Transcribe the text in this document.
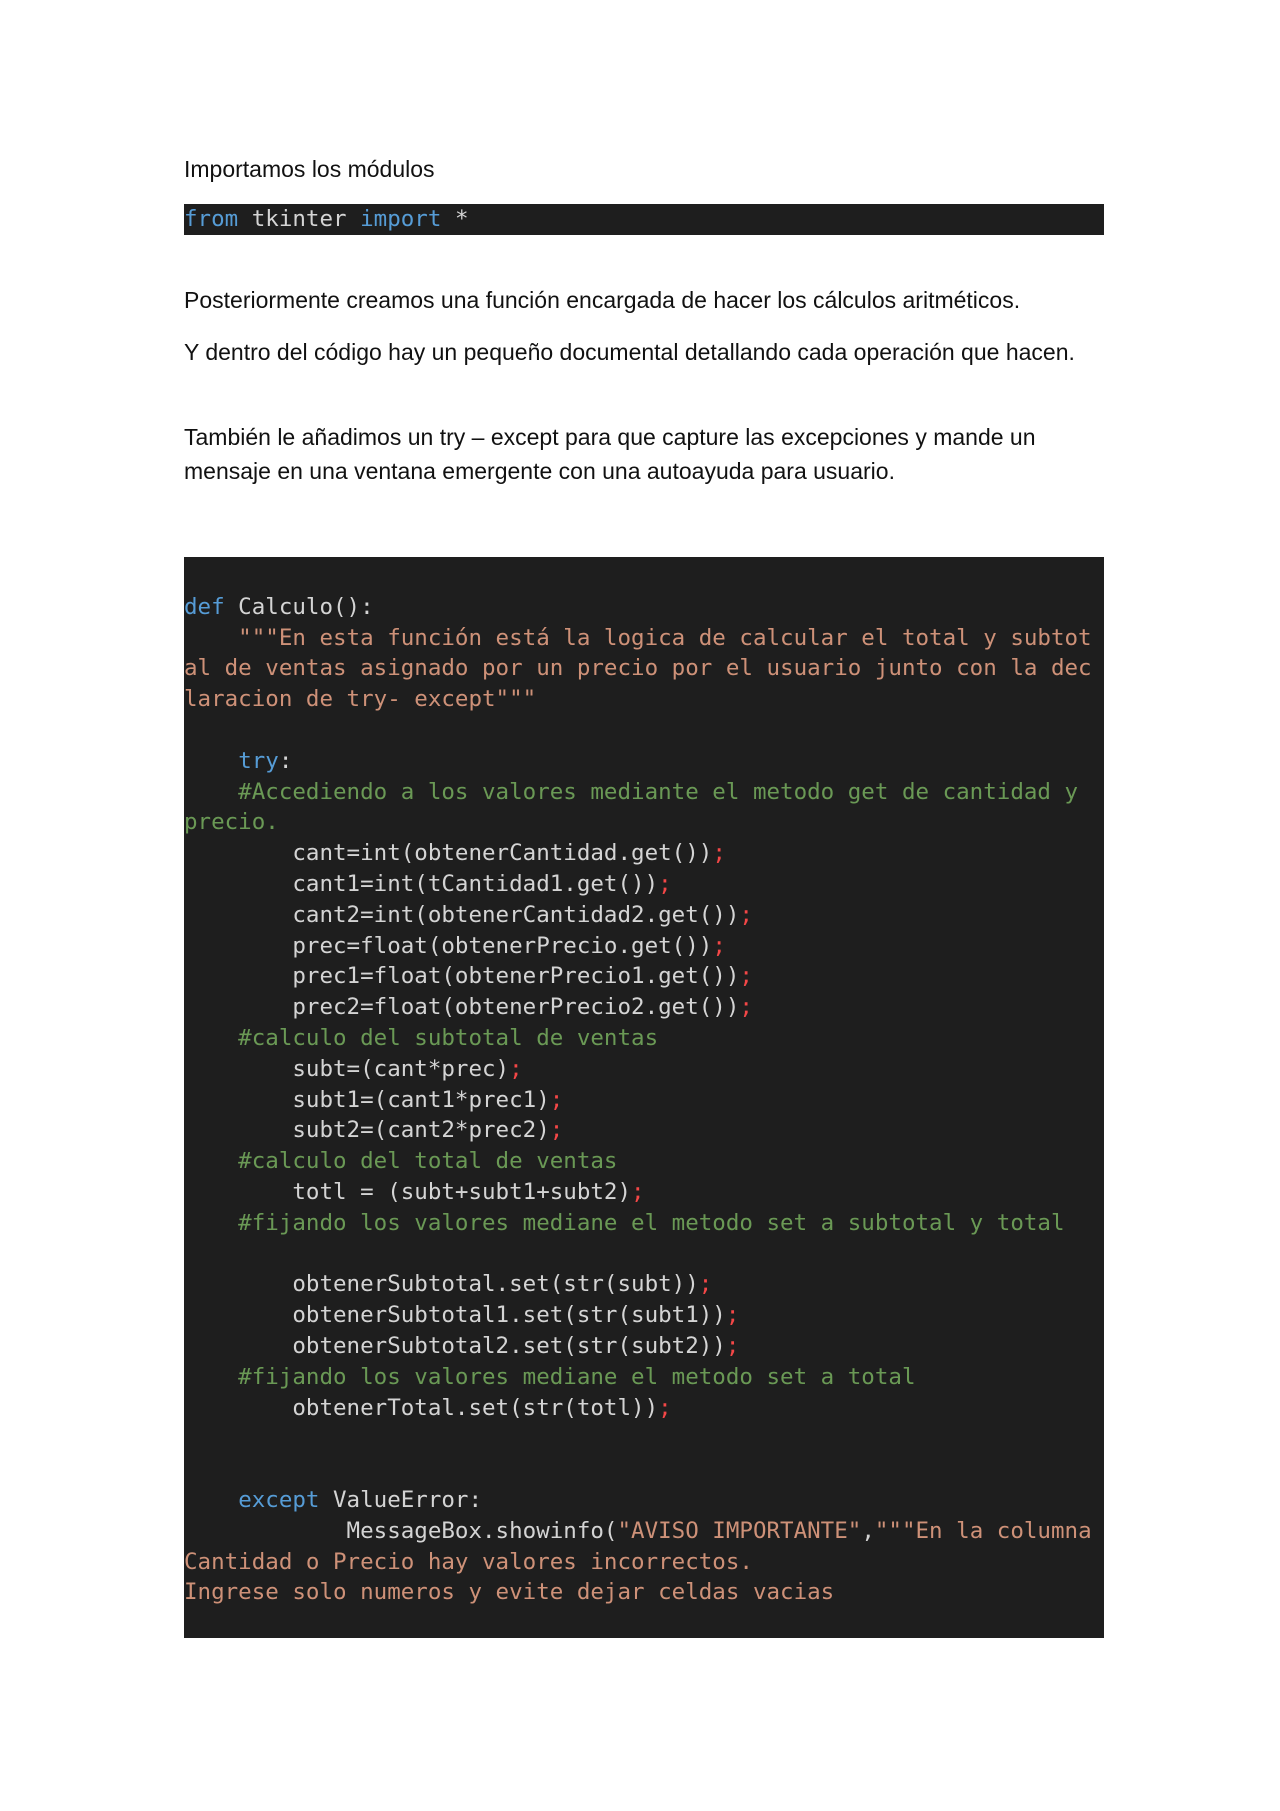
Importamos los módulos

from tkinter import *

Posteriormente creamos una función encargada de hacer los cálculos aritméticos.

Y dentro del código hay un pequeño documental detallando cada operación que hacen.

También le añadimos un try – except para que capture las excepciones y mande un mensaje en una ventana emergente con una autoayuda para usuario.

def Calculo():
"""En esta función está la logica de calcular el total y subtot
al de ventas asignado por un precio por el usuario junto con la dec
laracion de try- except"""

try:
#Accediendo a los valores mediante el metodo get de cantidad y
precio.
cant=int(obtenerCantidad.get());
cant1=int(tCantidad1.get());
cant2=int(obtenerCantidad2.get());
prec=float(obtenerPrecio.get());
prec1=float(obtenerPrecio1.get());
prec2=float(obtenerPrecio2.get());
#calculo del subtotal de ventas
subt=(cant*prec);
subt1=(cant1*prec1);
subt2=(cant2*prec2);
#calculo del total de ventas
totl = (subt+subt1+subt2);
#fijando los valores mediane el metodo set a subtotal y total

obtenerSubtotal.set(str(subt));
obtenerSubtotal1.set(str(subt1));
obtenerSubtotal2.set(str(subt2));
#fijando los valores mediane el metodo set a total
obtenerTotal.set(str(totl));

except ValueError:
MessageBox.showinfo("AVISO IMPORTANTE","""En la columna
Cantidad o Precio hay valores incorrectos.
Ingrese solo numeros y evite dejar celdas vacias
